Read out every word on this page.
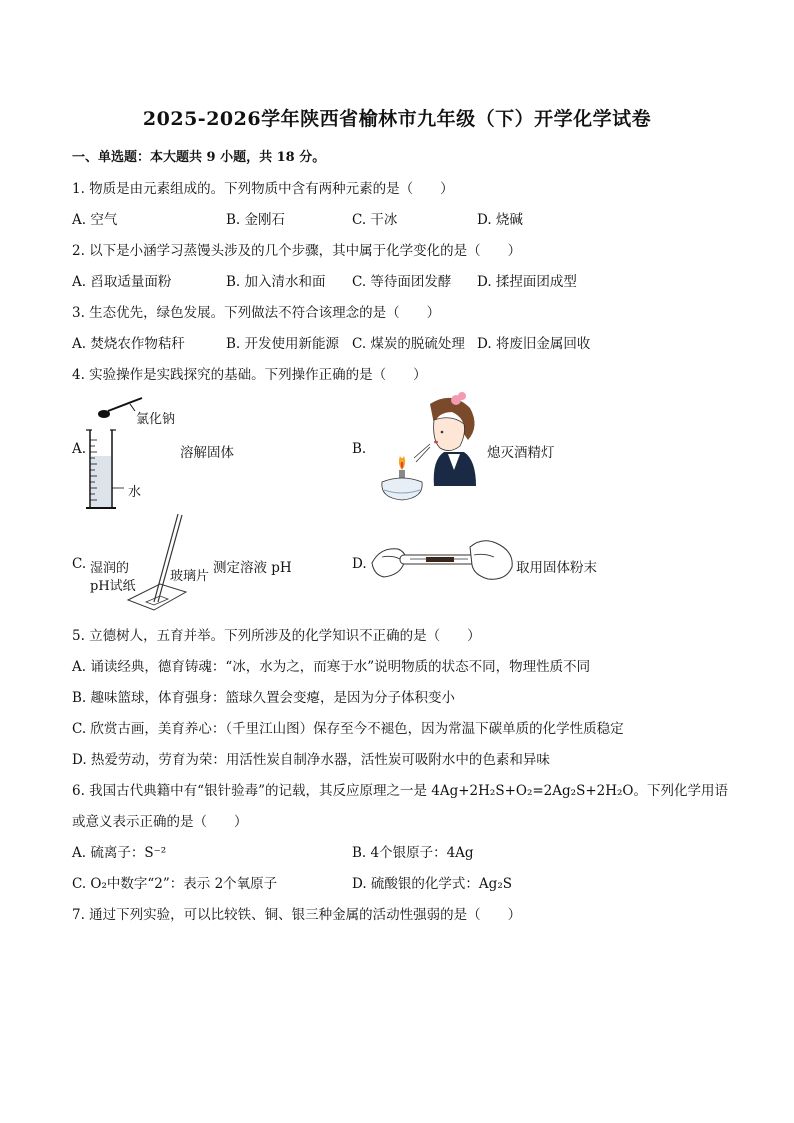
2025-2026学年陕西省榆林市九年级（下）开学化学试卷
一、单选题：本大题共 9 小题，共 18 分。
1. 物质是由元素组成的。下列物质中含有两种元素的是（　　）
A. 空气	B. 金刚石	C. 干冰	D. 烧碱
2. 以下是小涵学习蒸馒头涉及的几个步骤，其中属于化学变化的是（　　）
A. 舀取适量面粉	B. 加入清水和面 C. 等待面团发酵 D. 揉捏面团成型
3. 生态优先，绿色发展。下列做法不符合该理念的是（　　）
A. 焚烧农作物秸秆	B. 开发使用新能源 C. 煤炭的脱硫处理 D. 将废旧金属回收
4. 实验操作是实践探究的基础。下列操作正确的是（　　）
A.
氯化钠
水
溶解固体	B.	熄灭酒精灯
C. 湿润的
pH试纸
玻璃片
测定溶液 pH	D.	取用固体粉末
5. 立德树人，五育并举。下列所涉及的化学知识不正确的是（　　）
A. 诵读经典，德育铸魂：“冰，水为之，而寒于水”说明物质的状态不同，物理性质不同
B. 趣味篮球，体育强身：篮球久置会变瘪，是因为分子体积变小
C. 欣赏古画，美育养心：（千里江山图）保存至今不褪色，因为常温下碳单质的化学性质稳定
D. 热爱劳动，劳育为荣：用活性炭自制净水器，活性炭可吸附水中的色素和异味
6. 我国古代典籍中有“银针验毒”的记载，其反应原理之一是 4Ag+2H₂S+O₂=2Ag₂S+2H₂O。下列化学用语
或意义表示正确的是（　　）
A. 硫离子：S⁻²	B. 4个银原子：4Ag
C. O₂中数字“2”：表示 2个氧原子	D. 硫酸银的化学式：Ag₂S
7. 通过下列实验，可以比较铁、铜、银三种金属的活动性强弱的是（　　）
